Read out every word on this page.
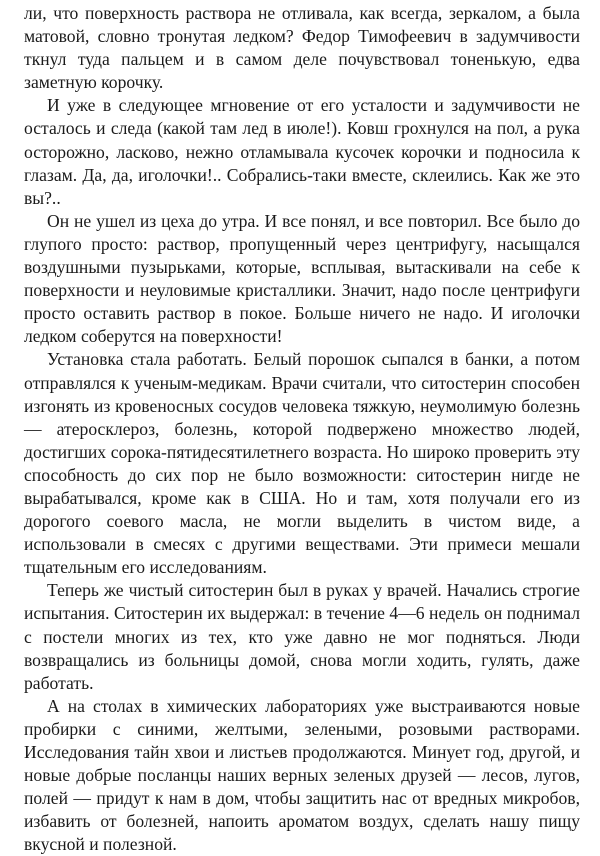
ли, что поверхность раствора не отливала, как всегда, зеркалом, а была матовой, словно тронутая ледком? Федор Тимофеевич в задумчивости ткнул туда пальцем и в самом деле почувствовал тоненькую, едва заметную корочку.

И уже в следующее мгновение от его усталости и задумчивости не осталось и следа (какой там лед в июле!). Ковш грохнулся на пол, а рука осторожно, ласково, нежно отламывала кусочек корочки и подносила к глазам. Да, да, иголочки!.. Собрались-таки вместе, склеились. Как же это вы?..

Он не ушел из цеха до утра. И все понял, и все повторил. Все было до глупого просто: раствор, пропущенный через центрифугу, насыщался воздушными пузырьками, которые, всплывая, вытаскивали на себе к поверхности и неуловимые кристаллики. Значит, надо после центрифуги просто оставить раствор в покое. Больше ничего не надо. И иголочки ледком соберутся на поверхности!

Установка стала работать. Белый порошок сыпался в банки, а потом отправлялся к ученым-медикам. Врачи считали, что ситостерин способен изгонять из кровеносных сосудов человека тяжкую, неумолимую болезнь — атеросклероз, болезнь, которой подвержено множество людей, достигших сорока-пятидесятилетнего возраста. Но широко проверить эту способность до сих пор не было возможности: ситостерин нигде не вырабатывался, кроме как в США. Но и там, хотя получали его из дорогого соевого масла, не могли выделить в чистом виде, а использовали в смесях с другими веществами. Эти примеси мешали тщательным его исследованиям.

Теперь же чистый ситостерин был в руках у врачей. Начались строгие испытания. Ситостерин их выдержал: в течение 4—6 недель он поднимал с постели многих из тех, кто уже давно не мог подняться. Люди возвращались из больницы домой, снова могли ходить, гулять, даже работать.

А на столах в химических лабораториях уже выстраиваются новые пробирки с синими, желтыми, зелеными, розовыми растворами. Исследования тайн хвои и листьев продолжаются. Минует год, другой, и новые добрые посланцы наших верных зеленых друзей — лесов, лугов, полей — придут к нам в дом, чтобы защитить нас от вредных микробов, избавить от болезней, напоить ароматом воздух, сделать нашу пищу вкусной и полезной.
